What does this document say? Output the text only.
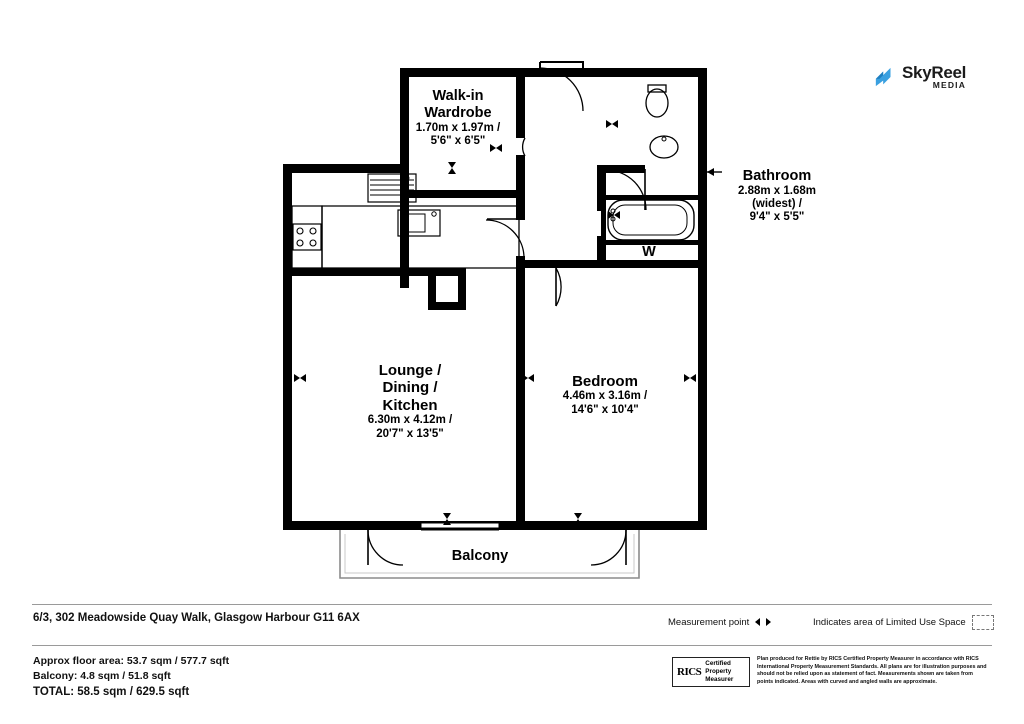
SkyReel
MEDIA
Walk-in
Wardrobe
1.70m x 1.97m /
5'6" x 6'5"
Bathroom
2.88m x 1.68m
(widest) /
9'4" x 5'5"
Lounge /
Dining /
Kitchen
6.30m x 4.12m /
20'7" x 13'5"
Bedroom
4.46m x 3.16m /
14'6" x 10'4"
Balcony
W
6/3, 302 Meadowside Quay Walk, Glasgow Harbour G11 6AX	Measurement point	Indicates area of Limited Use Space
Approx floor area: 53.7 sqm / 577.7 sqft
Balcony: 4.8 sqm / 51.8 sqft
TOTAL: 58.5 sqm / 629.5 sqft
RICS
Certified
Property
Measurer
Plan produced for Rettie by RICS Certified Property Measurer in accordance with RICS International Property Measurement Standards. All plans are for illustration purposes and should not be relied upon as statement of fact. Measurements shown are taken from points indicated. Areas with curved and angled walls are approximate.
